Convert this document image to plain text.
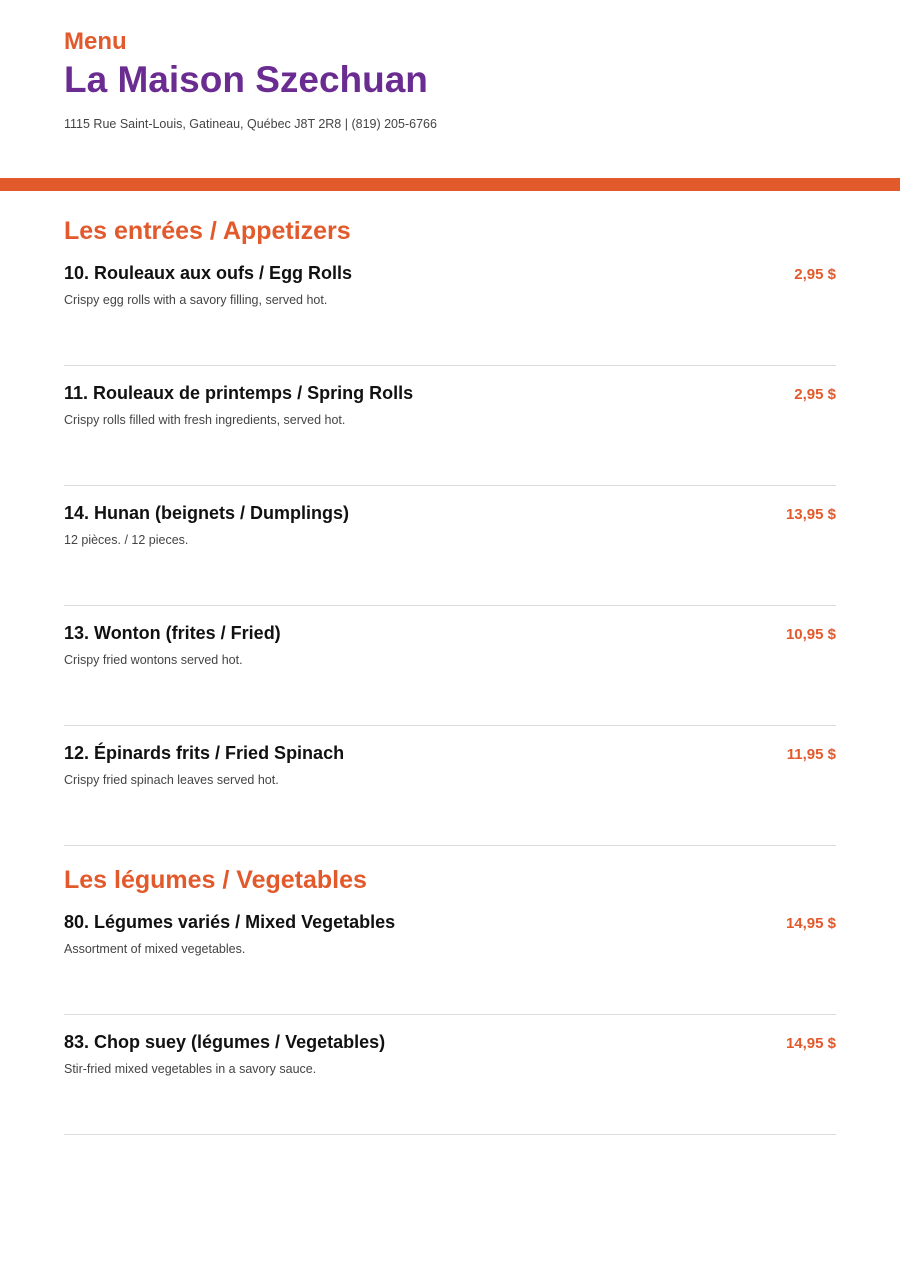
Menu
La Maison Szechuan
1115 Rue Saint-Louis, Gatineau, Québec J8T 2R8 | (819) 205-6766
Les entrées / Appetizers
10. Rouleaux aux oufs / Egg Rolls	2,95 $
Crispy egg rolls with a savory filling, served hot.
11. Rouleaux de printemps / Spring Rolls	2,95 $
Crispy rolls filled with fresh ingredients, served hot.
14. Hunan (beignets / Dumplings)	13,95 $
12 pièces. / 12 pieces.
13. Wonton (frites / Fried)	10,95 $
Crispy fried wontons served hot.
12. Épinards frits / Fried Spinach	11,95 $
Crispy fried spinach leaves served hot.
Les légumes / Vegetables
80. Légumes variés / Mixed Vegetables	14,95 $
Assortment of mixed vegetables.
83. Chop suey (légumes / Vegetables)	14,95 $
Stir-fried mixed vegetables in a savory sauce.
